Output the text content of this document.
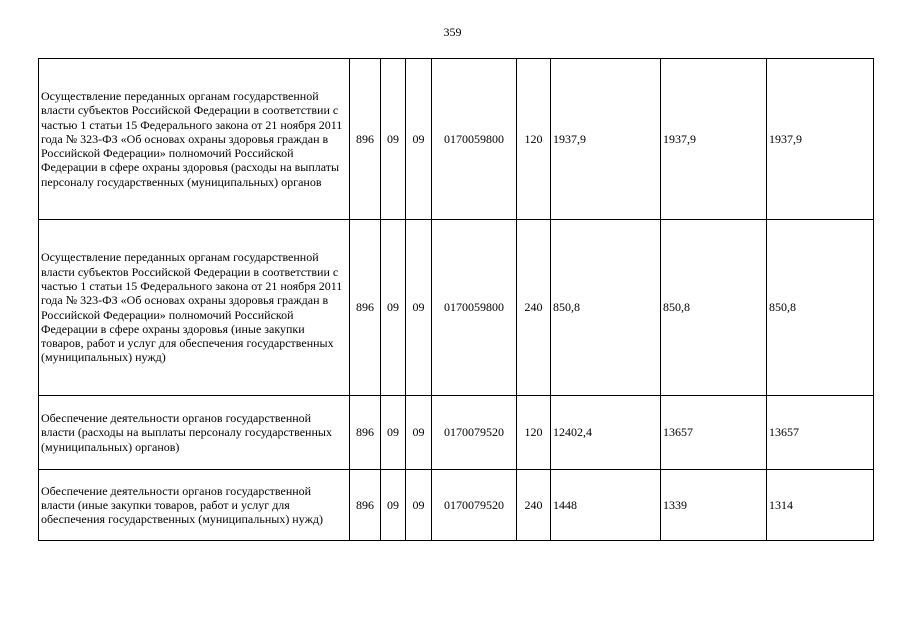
359
Осуществление переданных органам государственной власти субъектов Российской Федерации в соответствии с частью 1 статьи 15 Федерального закона от 21 ноября 2011 года № 323-ФЗ «Об основах охраны здоровья граждан в Российской Федерации» полномочий Российской Федерации в сфере охраны здоровья (расходы на выплаты персоналу государственных (муниципальных) органов	896	09	09	0170059800	120	1937,9	1937,9	1937,9
Осуществление переданных органам государственной власти субъектов Российской Федерации в соответствии с частью 1 статьи 15 Федерального закона от 21 ноября 2011 года № 323-ФЗ «Об основах охраны здоровья граждан в Российской Федерации» полномочий Российской Федерации в сфере охраны здоровья (иные закупки товаров, работ и услуг для обеспечения государственных (муниципальных) нужд)	896	09	09	0170059800	240	850,8	850,8	850,8
Обеспечение деятельности органов государственной власти (расходы на выплаты персоналу государственных (муниципальных) органов)	896	09	09	0170079520	120	12402,4	13657	13657
Обеспечение деятельности органов государственной власти (иные закупки товаров, работ и услуг для обеспечения государственных (муниципальных) нужд)	896	09	09	0170079520	240	1448	1339	1314
